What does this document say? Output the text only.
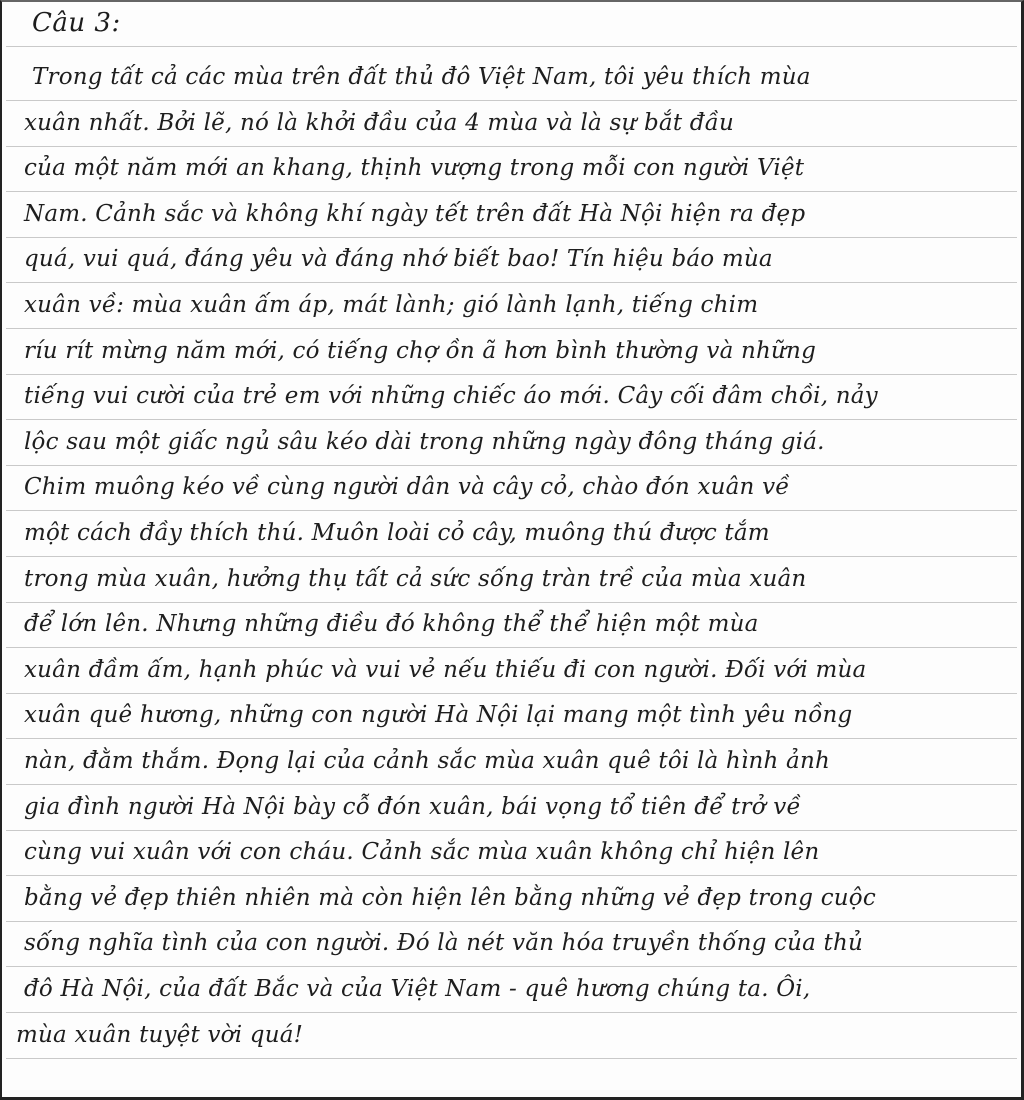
Câu 3:
Trong tất cả các mùa trên đất thủ đô Việt Nam, tôi yêu thích mùa
xuân nhất. Bởi lẽ, nó là khởi đầu của 4 mùa và là sự bắt đầu
của một năm mới an khang, thịnh vượng trong mỗi con người Việt
Nam. Cảnh sắc và không khí ngày tết trên đất Hà Nội hiện ra đẹp
quá, vui quá, đáng yêu và đáng nhớ biết bao! Tín hiệu báo mùa
xuân về: mùa xuân ấm áp, mát lành; gió lành lạnh, tiếng chim
ríu rít mừng năm mới, có tiếng chợ ồn ã hơn bình thường và những
tiếng vui cười của trẻ em với những chiếc áo mới. Cây cối đâm chồi, nảy
lộc sau một giấc ngủ sâu kéo dài trong những ngày đông tháng giá.
Chim muông kéo về cùng người dân và cây cỏ, chào đón xuân về
một cách đầy thích thú. Muôn loài cỏ cây, muông thú được tắm
trong mùa xuân, hưởng thụ tất cả sức sống tràn trề của mùa xuân
để lớn lên. Nhưng những điều đó không thể thể hiện một mùa
xuân đầm ấm, hạnh phúc và vui vẻ nếu thiếu đi con người. Đối với mùa
xuân quê hương, những con người Hà Nội lại mang một tình yêu nồng
nàn, đằm thắm. Đọng lại của cảnh sắc mùa xuân quê tôi là hình ảnh
gia đình người Hà Nội bày cỗ đón xuân, bái vọng tổ tiên để trở về
cùng vui xuân với con cháu. Cảnh sắc mùa xuân không chỉ hiện lên
bằng vẻ đẹp thiên nhiên mà còn hiện lên bằng những vẻ đẹp trong cuộc
sống nghĩa tình của con người. Đó là nét văn hóa truyền thống của thủ
đô Hà Nội, của đất Bắc và của Việt Nam - quê hương chúng ta. Ôi,
mùa xuân tuyệt vời quá!
